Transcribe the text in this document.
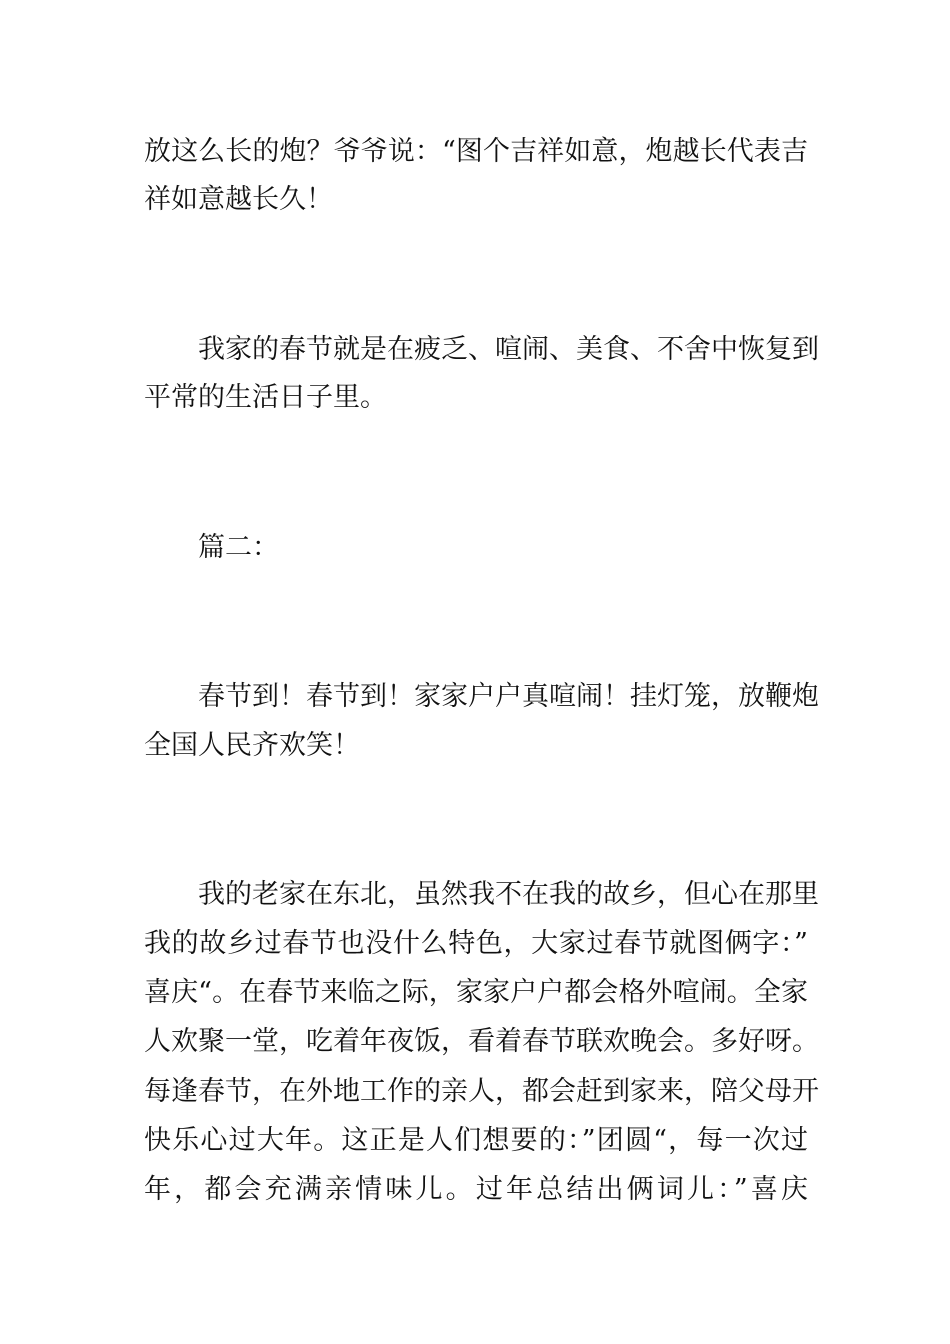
放这么长的炮？爷爷说：“图个吉祥如意，炮越长代表吉
祥如意越长久！
我家的春节就是在疲乏、喧闹、美食、不舍中恢复到
平常的生活日子里。
篇二：
春节到！春节到！家家户户真喧闹！挂灯笼，放鞭炮
全国人民齐欢笑！
我的老家在东北，虽然我不在我的故乡，但心在那里
我的故乡过春节也没什么特色，大家过春节就图俩字：”
喜庆“。在春节来临之际，家家户户都会格外喧闹。全家
人欢聚一堂，吃着年夜饭，看着春节联欢晚会。多好呀。
每逢春节，在外地工作的亲人，都会赶到家来，陪父母开
快乐心过大年。这正是人们想要的：”团圆“，每一次过
年，都会充满亲情味儿。过年总结出俩词儿：”喜庆
